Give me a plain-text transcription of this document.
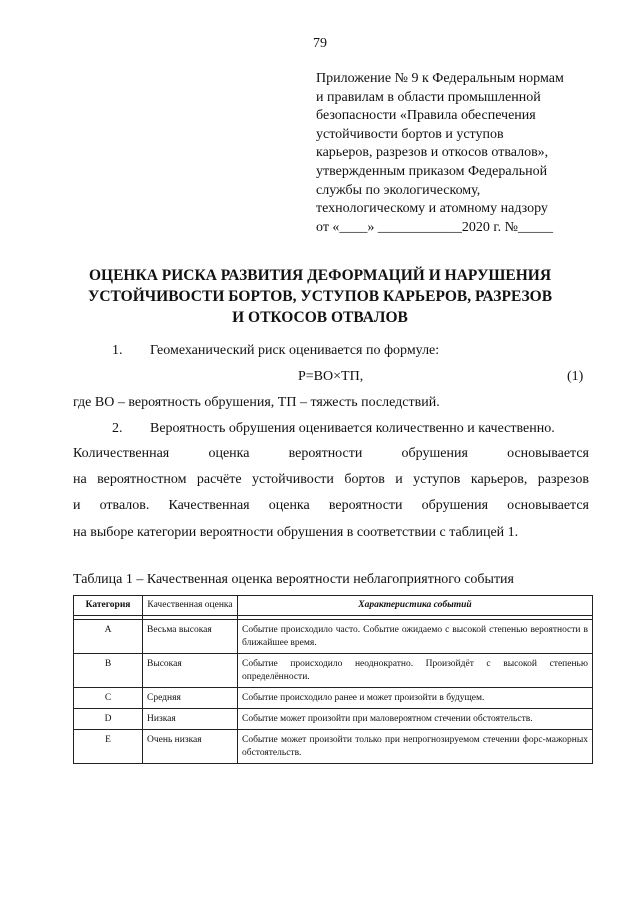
79
Приложение № 9 к Федеральным нормам
и правилам в области промышленной
безопасности «Правила обеспечения
устойчивости бортов и уступов
карьеров, разрезов и откосов отвалов»,
утвержденным приказом Федеральной
службы по экологическому,
технологическому и атомному надзору
от «____» ____________2020 г. №_____
ОЦЕНКА РИСКА РАЗВИТИЯ ДЕФОРМАЦИЙ И НАРУШЕНИЯ
УСТОЙЧИВОСТИ БОРТОВ, УСТУПОВ КАРЬЕРОВ, РАЗРЕЗОВ
И ОТКОСОВ ОТВАЛОВ
1. Геомеханический риск оценивается по формуле:
Р=ВО×ТП,	(1)
где ВО – вероятность обрушения, ТП – тяжесть последствий.
2. Вероятность обрушения оценивается количественно и качественно.
Количественная оценка вероятности обрушения основывается
на вероятностном расчёте устойчивости бортов и уступов карьеров, разрезов
и отвалов. Качественная оценка вероятности обрушения основывается
на выборе категории вероятности обрушения в соответствии с таблицей 1.
Таблица 1 – Качественная оценка вероятности неблагоприятного события
Категория	Качественная оценка	Характеристика событий

A	Весьма высокая	Событие происходило часто. Событие ожидаемо с высокой степенью вероятности в ближайшее время.
B	Высокая	Событие происходило неоднократно. Произойдёт с высокой степенью определённости.
C	Средняя	Событие происходило ранее и может произойти в будущем.
D	Низкая	Событие может произойти при маловероятном стечении обстоятельств.
E	Очень низкая	Событие может произойти только при непрогнозируемом стечении форс-мажорных обстоятельств.
